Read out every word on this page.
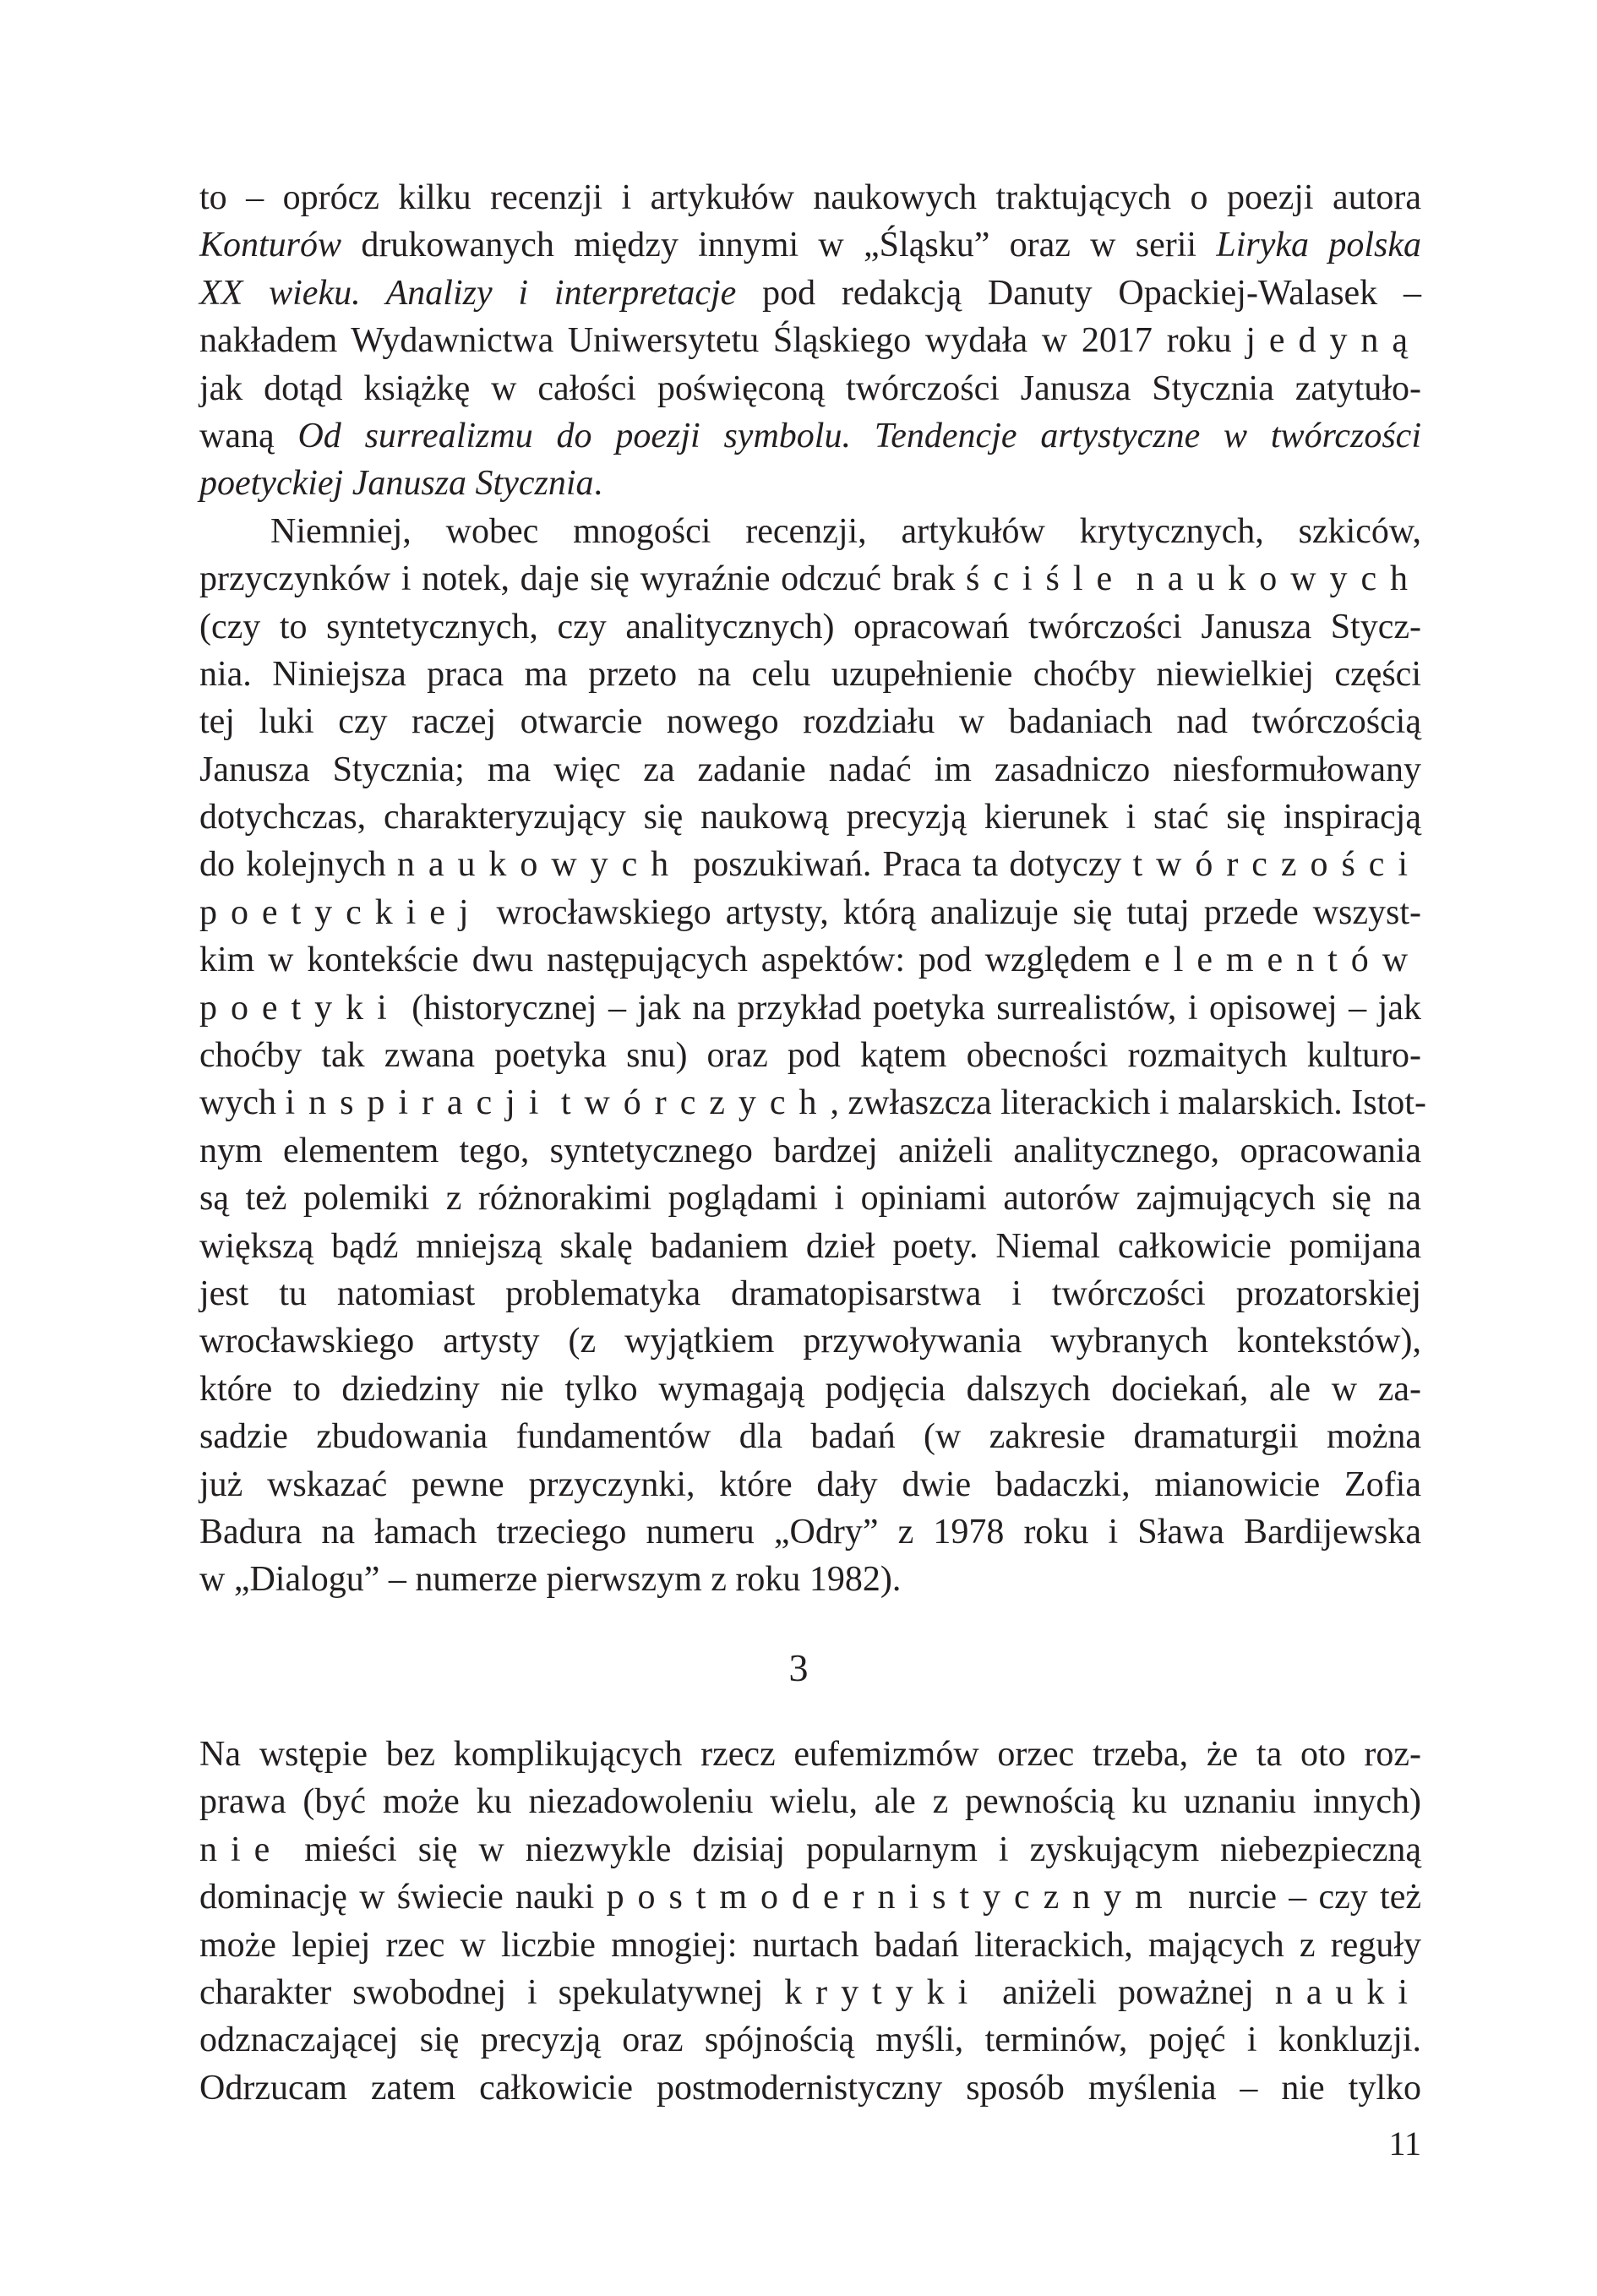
to – oprócz kilku recenzji i artykułów naukowych traktujących o poezji autora
Konturów drukowanych między innymi w „Śląsku” oraz w serii Liryka polska
XX wieku. Analizy i interpretacje pod redakcją Danuty Opackiej-Walasek –
nakładem Wydawnictwa Uniwersytetu Śląskiego wydała w 2017 roku jedyną
jak dotąd książkę w całości poświęconą twórczości Janusza Stycznia zatytuło-
waną Od surrealizmu do poezji symbolu. Tendencje artystyczne w twórczości
poetyckiej Janusza Stycznia.
Niemniej, wobec mnogości recenzji, artykułów krytycznych, szkiców,
przyczynków i notek, daje się wyraźnie odczuć brak ściśle naukowych
(czy to syntetycznych, czy analitycznych) opracowań twórczości Janusza Stycz-
nia. Niniejsza praca ma przeto na celu uzupełnienie choćby niewielkiej części
tej luki czy raczej otwarcie nowego rozdziału w badaniach nad twórczością
Janusza Stycznia; ma więc za zadanie nadać im zasadniczo niesformułowany
dotychczas, charakteryzujący się naukową precyzją kierunek i stać się inspiracją
do kolejnych naukowych poszukiwań. Praca ta dotyczy twórczości
poetyckiej wrocławskiego artysty, którą analizuje się tutaj przede wszyst-
kim w kontekście dwu następujących aspektów: pod względem elementów
poetyki (historycznej – jak na przykład poetyka surrealistów, i opisowej – jak
choćby tak zwana poetyka snu) oraz pod kątem obecności rozmaitych kulturo-
wych inspiracji twórczych, zwłaszcza literackich i malarskich. Istot-
nym elementem tego, syntetycznego bardzej aniżeli analitycznego, opracowania
są też polemiki z różnorakimi poglądami i opiniami autorów zajmujących się na
większą bądź mniejszą skalę badaniem dzieł poety. Niemal całkowicie pomijana
jest tu natomiast problematyka dramatopisarstwa i twórczości prozatorskiej
wrocławskiego artysty (z wyjątkiem przywoływania wybranych kontekstów),
które to dziedziny nie tylko wymagają podjęcia dalszych dociekań, ale w za-
sadzie zbudowania fundamentów dla badań (w zakresie dramaturgii można
już wskazać pewne przyczynki, które dały dwie badaczki, mianowicie Zofia
Badura na łamach trzeciego numeru „Odry” z 1978 roku i Sława Bardijewska
w „Dialogu” – numerze pierwszym z roku 1982).
3
Na wstępie bez komplikujących rzecz eufemizmów orzec trzeba, że ta oto roz-
prawa (być może ku niezadowoleniu wielu, ale z pewnością ku uznaniu innych)
nie mieści się w niezwykle dzisiaj popularnym i zyskującym niebezpieczną
dominację w świecie nauki postmodernistycznym nurcie – czy też
może lepiej rzec w liczbie mnogiej: nurtach badań literackich, mających z reguły
charakter swobodnej i spekulatywnej krytyki aniżeli poważnej nauki
odznaczającej się precyzją oraz spójnością myśli, terminów, pojęć i konkluzji.
Odrzucam zatem całkowicie postmodernistyczny sposób myślenia – nie tylko
11
